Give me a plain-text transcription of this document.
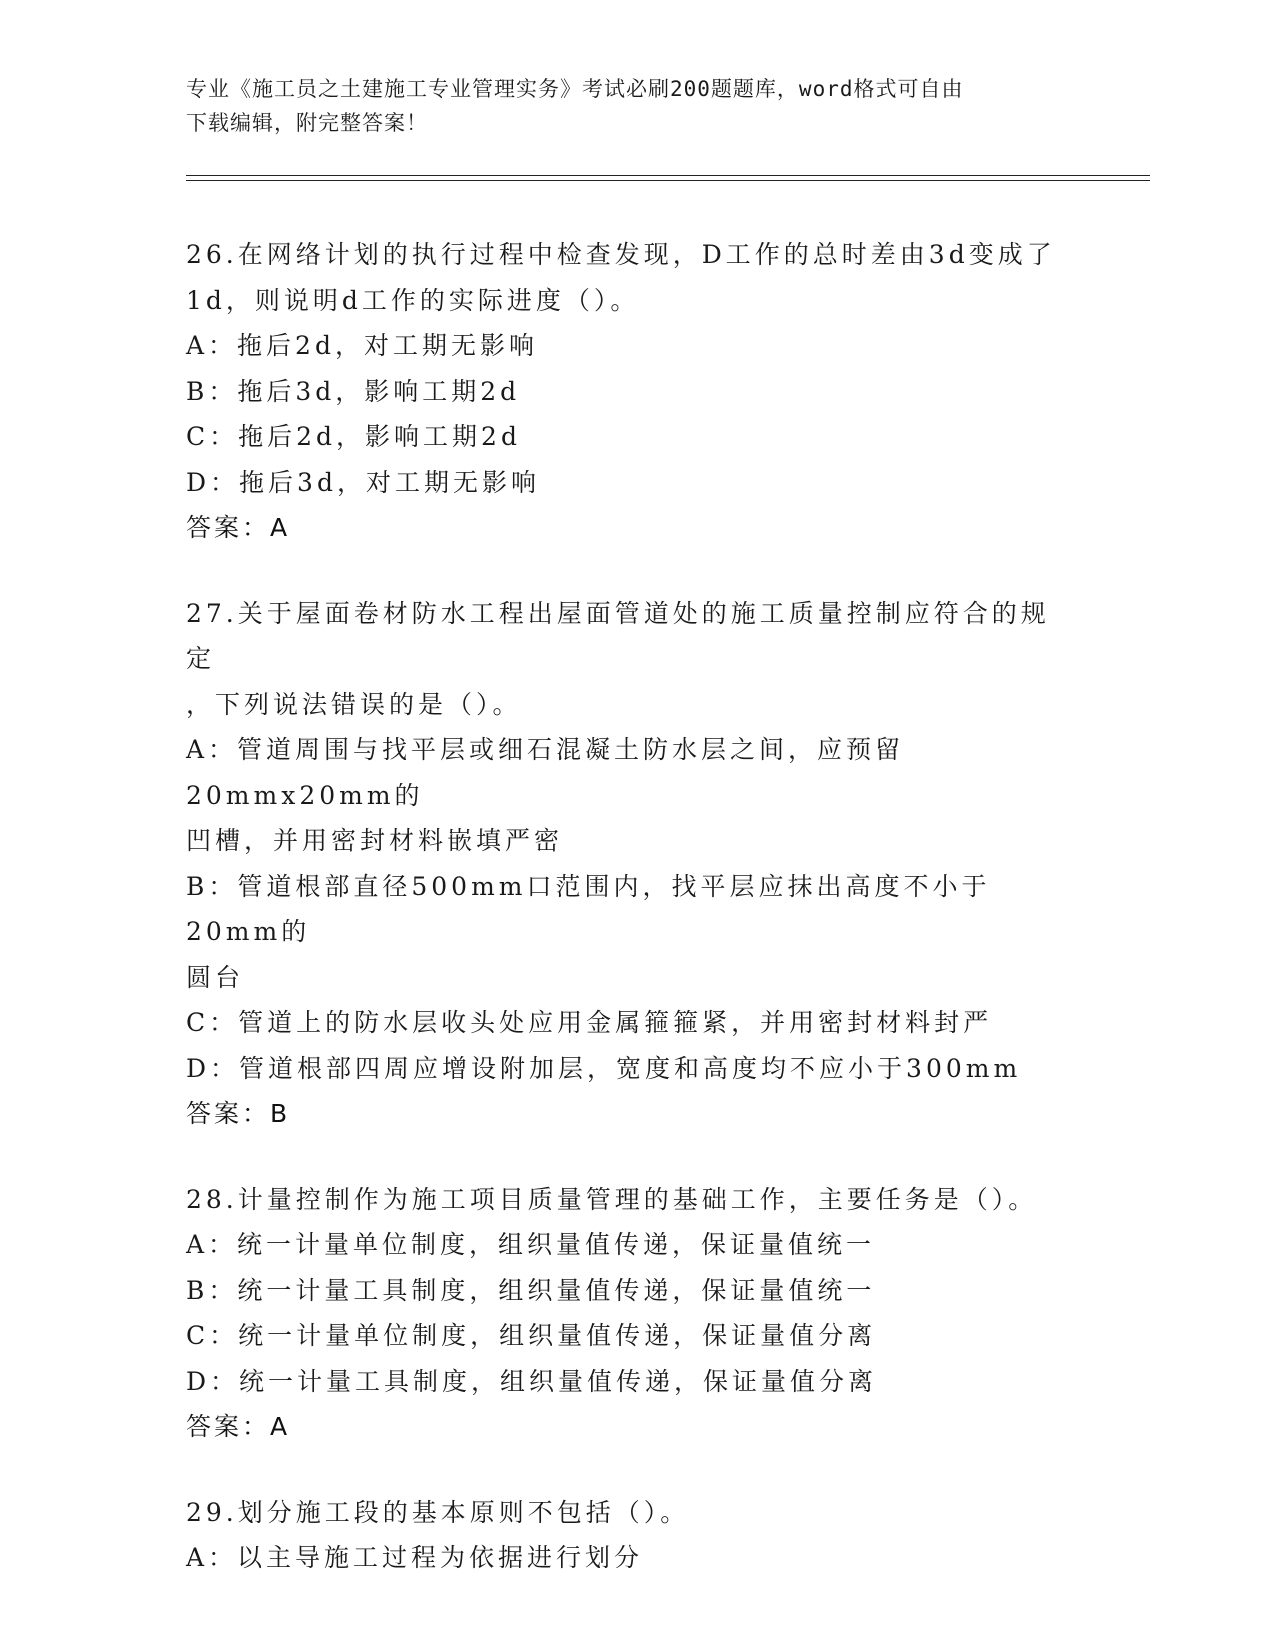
专业《施工员之土建施工专业管理实务》考试必刷200题题库，word格式可自由
下载编辑，附完整答案！
26.在网络计划的执行过程中检查发现，D工作的总时差由3d变成了
1d，则说明d工作的实际进度（）。
A：拖后2d，对工期无影响
B：拖后3d，影响工期2d
C：拖后2d，影响工期2d
D：拖后3d，对工期无影响
答案：A
27.关于屋面卷材防水工程出屋面管道处的施工质量控制应符合的规定
，下列说法错误的是（）。
A：管道周围与找平层或细石混凝土防水层之间，应预留20mmx20mm的
凹槽，并用密封材料嵌填严密
B：管道根部直径500mm口范围内，找平层应抹出高度不小于20mm的
圆台
C：管道上的防水层收头处应用金属箍箍紧，并用密封材料封严
D：管道根部四周应增设附加层，宽度和高度均不应小于300mm
答案：B
28.计量控制作为施工项目质量管理的基础工作，主要任务是（）。
A：统一计量单位制度，组织量值传递，保证量值统一
B：统一计量工具制度，组织量值传递，保证量值统一
C：统一计量单位制度，组织量值传递，保证量值分离
D：统一计量工具制度，组织量值传递，保证量值分离
答案：A
29.划分施工段的基本原则不包括（）。
A：以主导施工过程为依据进行划分
